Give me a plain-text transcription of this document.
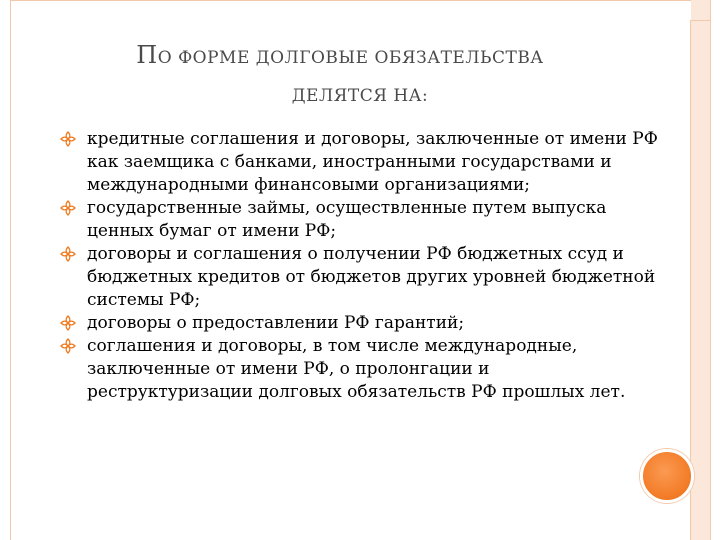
ПО ФОРМЕ ДОЛГОВЫЕ ОБЯЗАТЕЛЬСТВА
ДЕЛЯТСЯ НА:
кредитные соглашения и договоры, заключенные от имени РФ как заемщика с банками, иностранными государствами и международными финансовыми организациями;
государственные займы, осуществленные путем выпуска ценных бумаг от имени РФ;
договоры и соглашения о получении РФ бюджетных ссуд и бюджетных кредитов от бюджетов других уровней бюджетной системы РФ;
договоры о предоставлении РФ гарантий;
соглашения и договоры, в том числе международные, заключенные от имени РФ, о пролонгации и реструктуризации долговых обязательств РФ прошлых лет.
